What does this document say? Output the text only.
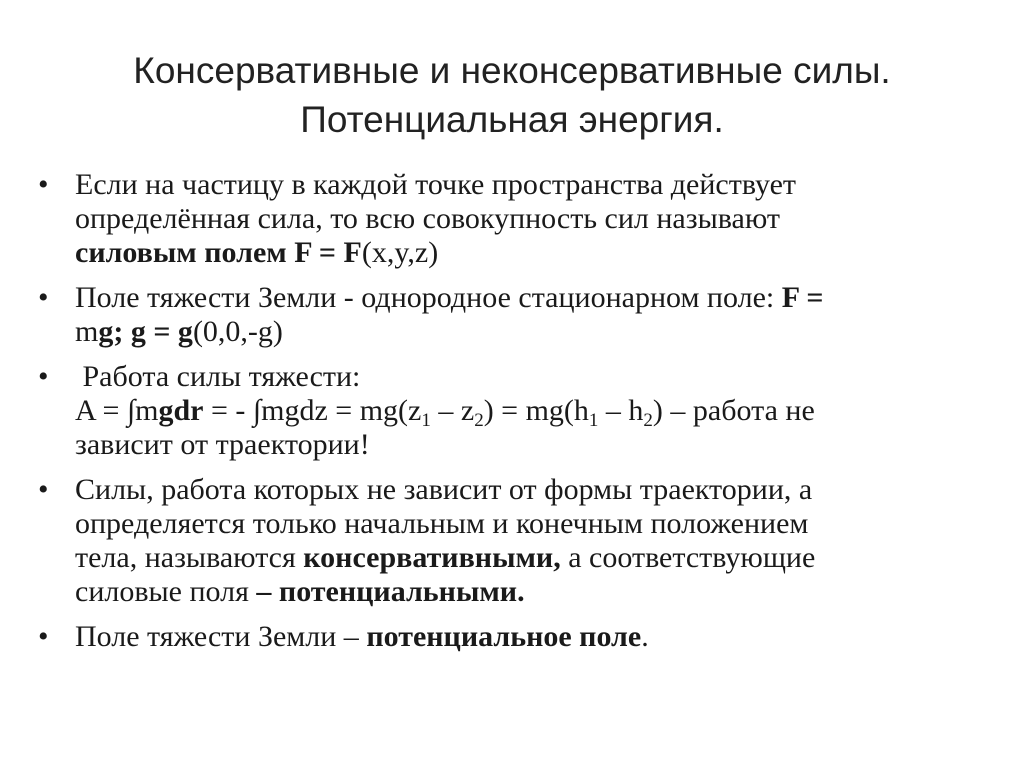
Консервативные и неконсервативные силы.
Потенциальная энергия.
• Если на частицу в каждой точке пространства действует
определённая сила, то всю совокупность сил называют
силовым полем F = F(x,y,z)
• Поле тяжести Земли - однородное стационарном поле: F =
mg; g = g(0,0,-g)
• Работа силы тяжести:
A = ∫mgdr = - ∫mgdz = $mg(z_1 - z_2) = mg(h_1 - h_2)$ – работа не
зависит от траектории!
• Силы, работа которых не зависит от формы траектории, а
определяется только начальным и конечным положением
тела, называются консервативными, а соответствующие
силовые поля – потенциальными.
• Поле тяжести Земли – потенциальное поле.
